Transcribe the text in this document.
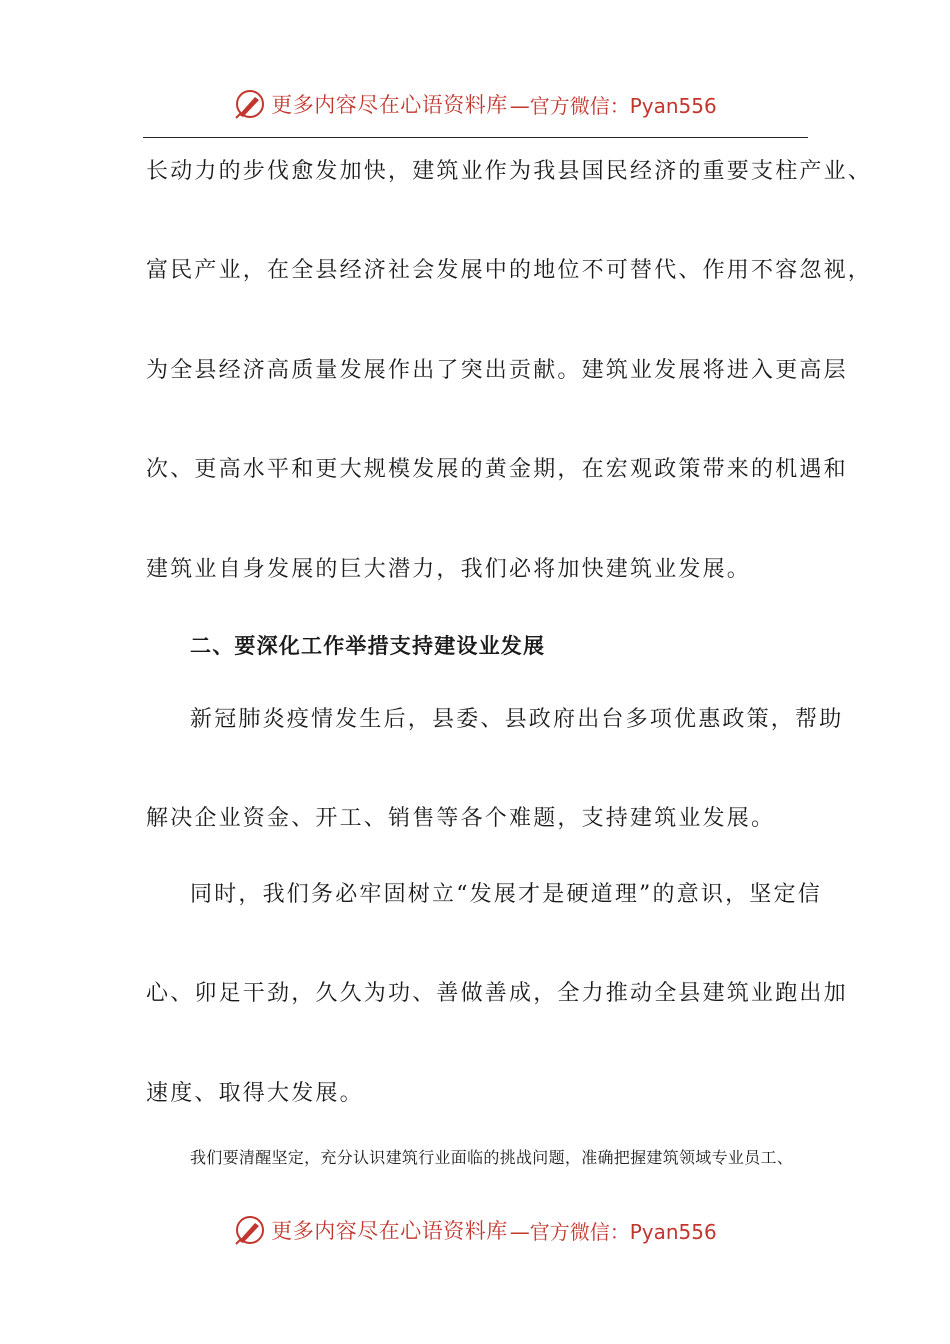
更多内容尽在心语资料库 —官方微信：Pyan556
长动力的步伐愈发加快，建筑业作为我县国民经济的重要支柱产业、
富民产业，在全县经济社会发展中的地位不可替代、作用不容忽视，
为全县经济高质量发展作出了突出贡献。建筑业发展将进入更高层
次、更高水平和更大规模发展的黄金期，在宏观政策带来的机遇和
建筑业自身发展的巨大潜力，我们必将加快建筑业发展。
二、要深化工作举措支持建设业发展
新冠肺炎疫情发生后，县委、县政府出台多项优惠政策，帮助
解决企业资金、开工、销售等各个难题，支持建筑业发展。
同时，我们务必牢固树立“发展才是硬道理”的意识，坚定信
心、卯足干劲，久久为功、善做善成，全力推动全县建筑业跑出加
速度、取得大发展。
我们要清醒坚定，充分认识建筑行业面临的挑战问题，准确把握建筑领域专业员工、
更多内容尽在心语资料库 —官方微信：Pyan556
